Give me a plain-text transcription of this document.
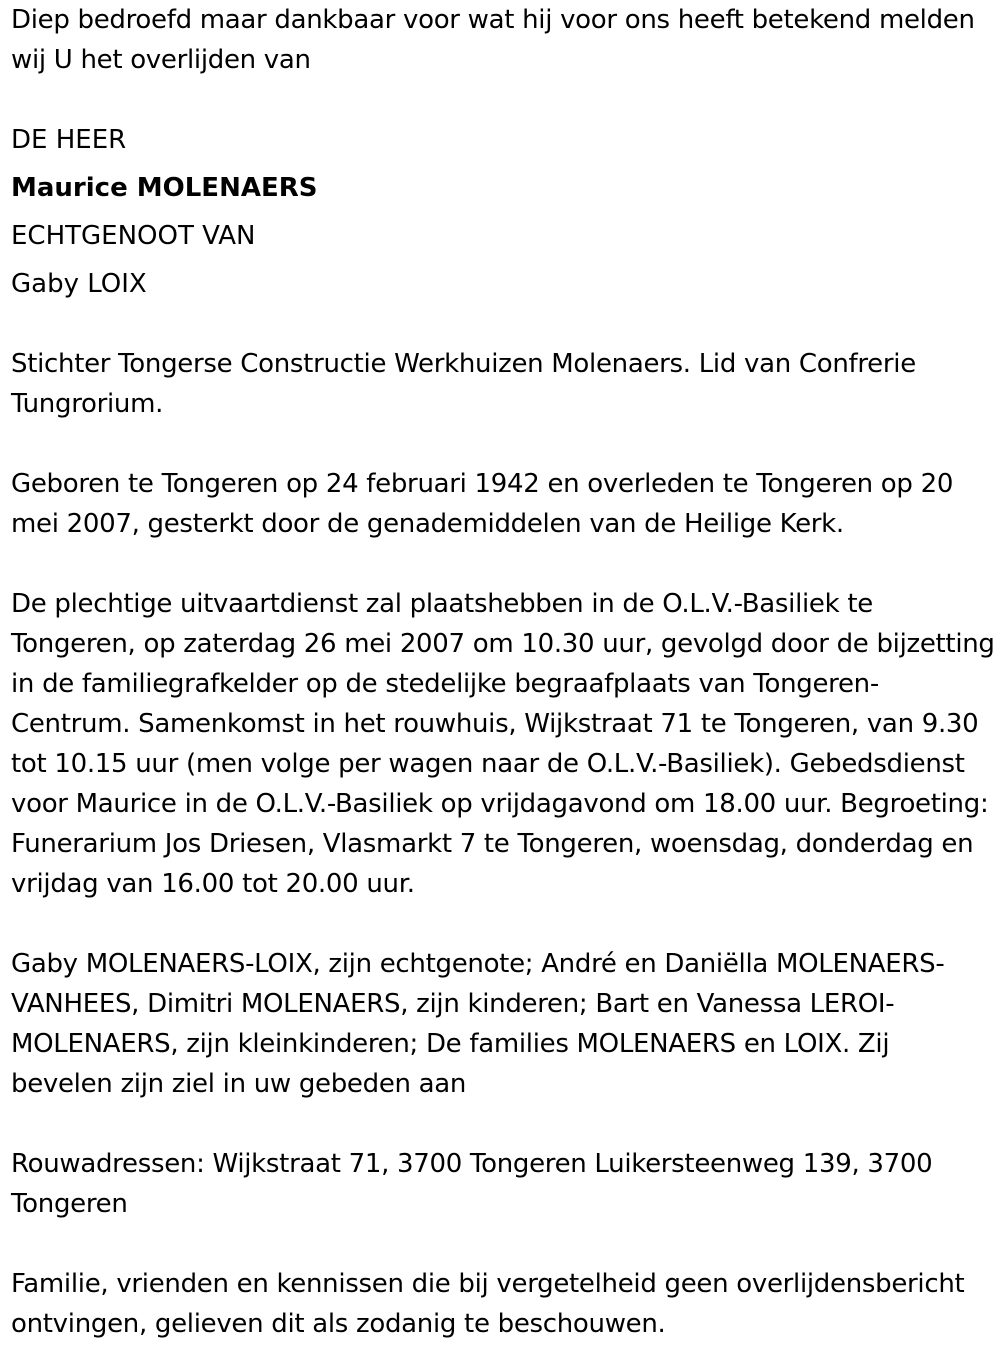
Diep bedroefd maar dankbaar voor wat hij voor ons heeft betekend melden wij U het overlijden van

DE HEER

Maurice MOLENAERS

ECHTGENOOT VAN

Gaby LOIX

Stichter Tongerse Constructie Werkhuizen Molenaers. Lid van Confrerie Tungrorium.

Geboren te Tongeren op 24 februari 1942 en overleden te Tongeren op 20 mei 2007, gesterkt door de genademiddelen van de Heilige Kerk.

De plechtige uitvaartdienst zal plaatshebben in de O.L.V.-Basiliek te Tongeren, op zaterdag 26 mei 2007 om 10.30 uur, gevolgd door de bijzetting in de familiegrafkelder op de stedelijke begraafplaats van Tongeren-Centrum. Samenkomst in het rouwhuis, Wijkstraat 71 te Tongeren, van 9.30 tot 10.15 uur (men volge per wagen naar de O.L.V.-Basiliek). Gebedsdienst voor Maurice in de O.L.V.-Basiliek op vrijdagavond om 18.00 uur. Begroeting: Funerarium Jos Driesen, Vlasmarkt 7 te Tongeren, woensdag, donderdag en vrijdag van 16.00 tot 20.00 uur.

Gaby MOLENAERS-LOIX, zijn echtgenote; André en Daniëlla MOLENAERS-VANHEES, Dimitri MOLENAERS, zijn kinderen; Bart en Vanessa LEROI-MOLENAERS, zijn kleinkinderen; De families MOLENAERS en LOIX. Zij bevelen zijn ziel in uw gebeden aan

Rouwadressen: Wijkstraat 71, 3700 Tongeren Luikersteenweg 139, 3700 Tongeren

Familie, vrienden en kennissen die bij vergetelheid geen overlijdensbericht ontvingen, gelieven dit als zodanig te beschouwen.
